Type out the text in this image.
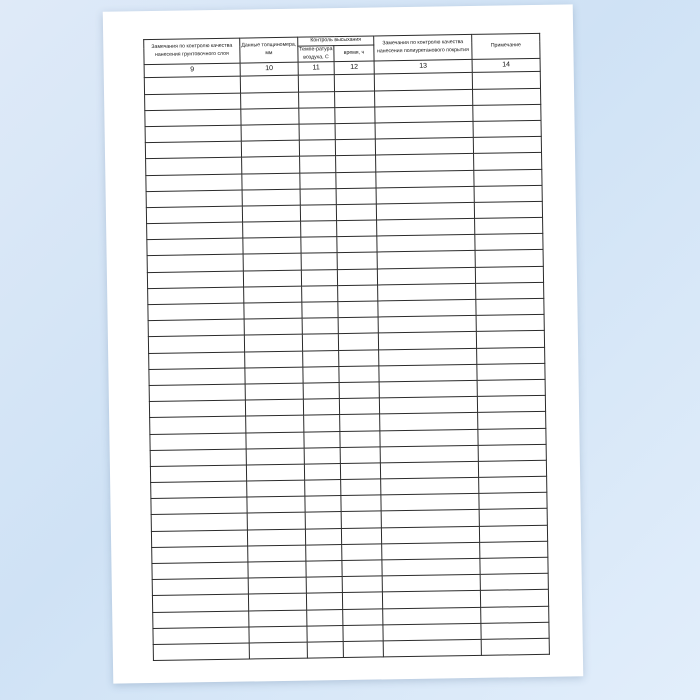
Замечания по контролю качества нанесения грунтовочного слоя	Данные толщиномера, мм	Контроль высыхания		Замечания по контролю качества нанесения полиуретанового покрытия	Примечание
		Темпе-ратура воздуха, С	время, ч		
9	10	11	12	13	14
